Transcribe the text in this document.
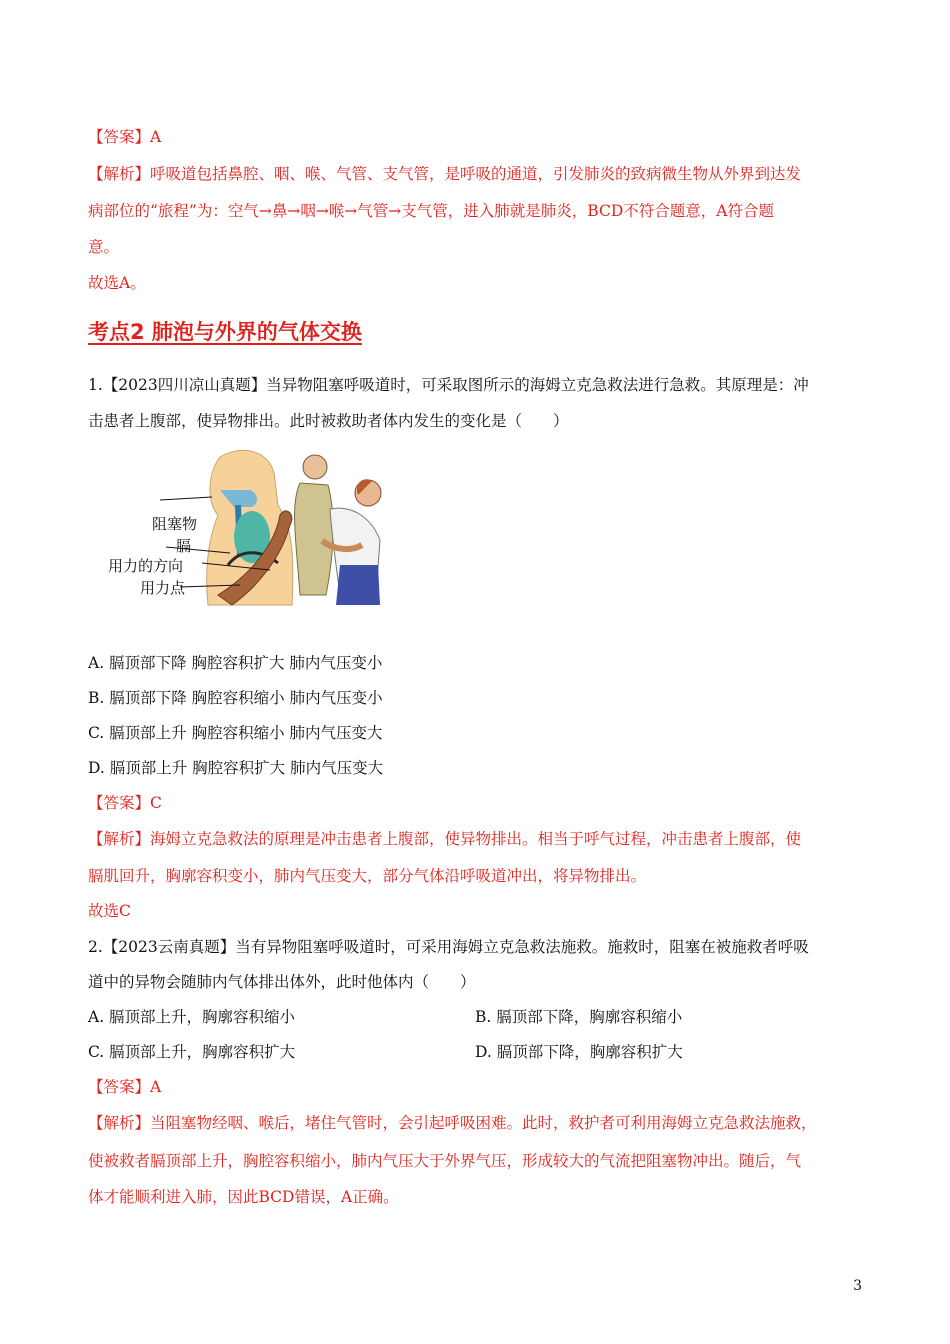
【答案】A
【解析】呼吸道包括鼻腔、咽、喉、气管、支气管，是呼吸的通道，引发肺炎的致病微生物从外界到达发
病部位的“旅程”为：空气→鼻→咽→喉→气管→支气管，进入肺就是肺炎，BCD不符合题意，A符合题
意。
故选A。
考点2 肺泡与外界的气体交换
1.【2023四川凉山真题】当异物阻塞呼吸道时，可采取图所示的海姆立克急救法进行急救。其原理是：冲
击患者上腹部，使异物排出。此时被救助者体内发生的变化是（　　）
阻塞物
膈
用力的方向
用力点
A. 膈顶部下降 胸腔容积扩大 肺内气压变小
B. 膈顶部下降 胸腔容积缩小 肺内气压变小
C. 膈顶部上升 胸腔容积缩小 肺内气压变大
D. 膈顶部上升 胸腔容积扩大 肺内气压变大
【答案】C
【解析】海姆立克急救法的原理是冲击患者上腹部，使异物排出。相当于呼气过程，冲击患者上腹部，使
膈肌回升，胸廓容积变小，肺内气压变大，部分气体沿呼吸道冲出，将异物排出。
故选C
2.【2023云南真题】当有异物阻塞呼吸道时，可采用海姆立克急救法施救。施救时，阻塞在被施救者呼吸
道中的异物会随肺内气体排出体外，此时他体内（　　）
A. 膈顶部上升，胸廓容积缩小	B. 膈顶部下降，胸廓容积缩小
C. 膈顶部上升，胸廓容积扩大	D. 膈顶部下降，胸廓容积扩大
【答案】A
【解析】当阻塞物经咽、喉后，堵住气管时，会引起呼吸困难。此时，救护者可利用海姆立克急救法施救，
使被救者膈顶部上升，胸腔容积缩小，肺内气压大于外界气压，形成较大的气流把阻塞物冲出。随后，气
体才能顺利进入肺，因此BCD错误，A正确。
3
